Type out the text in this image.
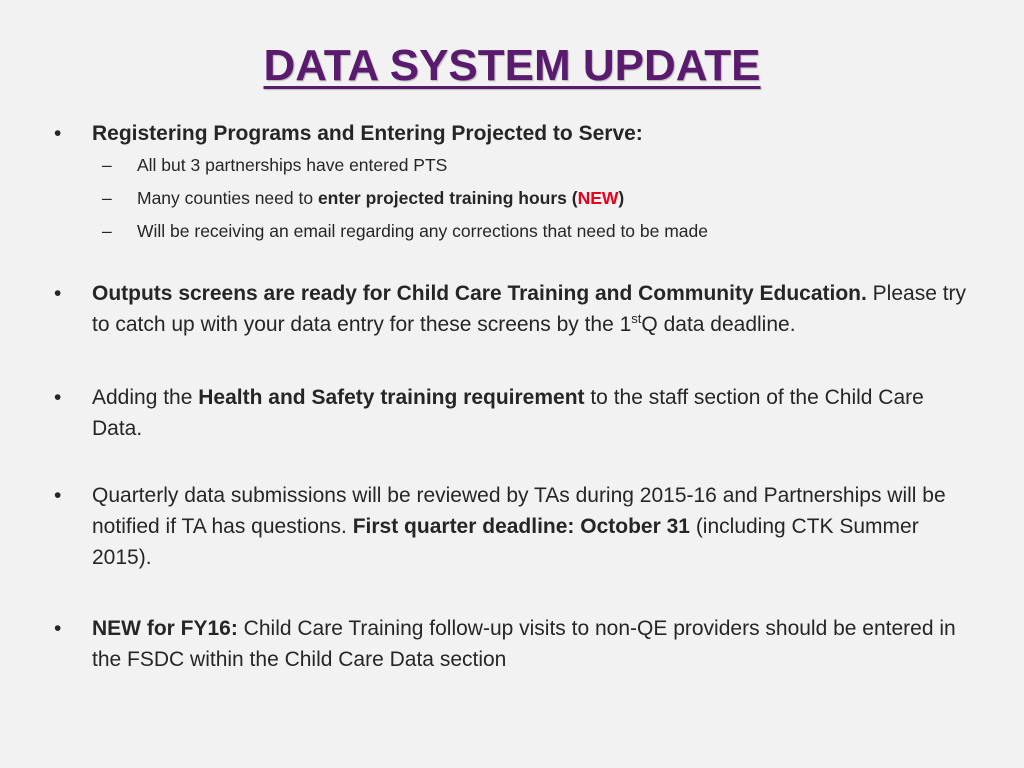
DATA SYSTEM UPDATE
• Registering Programs and Entering Projected to Serve:
– All but 3 partnerships have entered PTS
– Many counties need to enter projected training hours (NEW)
– Will be receiving an email regarding any corrections that need to be made
• Outputs screens are ready for Child Care Training and Community Education. Please try to catch up with your data entry for these screens by the 1stQ data deadline.
• Adding the Health and Safety training requirement to the staff section of the Child Care Data.
• Quarterly data submissions will be reviewed by TAs during 2015-16 and Partnerships will be notified if TA has questions. First quarter deadline: October 31 (including CTK Summer 2015).
• NEW for FY16: Child Care Training follow-up visits to non-QE providers should be entered in the FSDC within the Child Care Data section
